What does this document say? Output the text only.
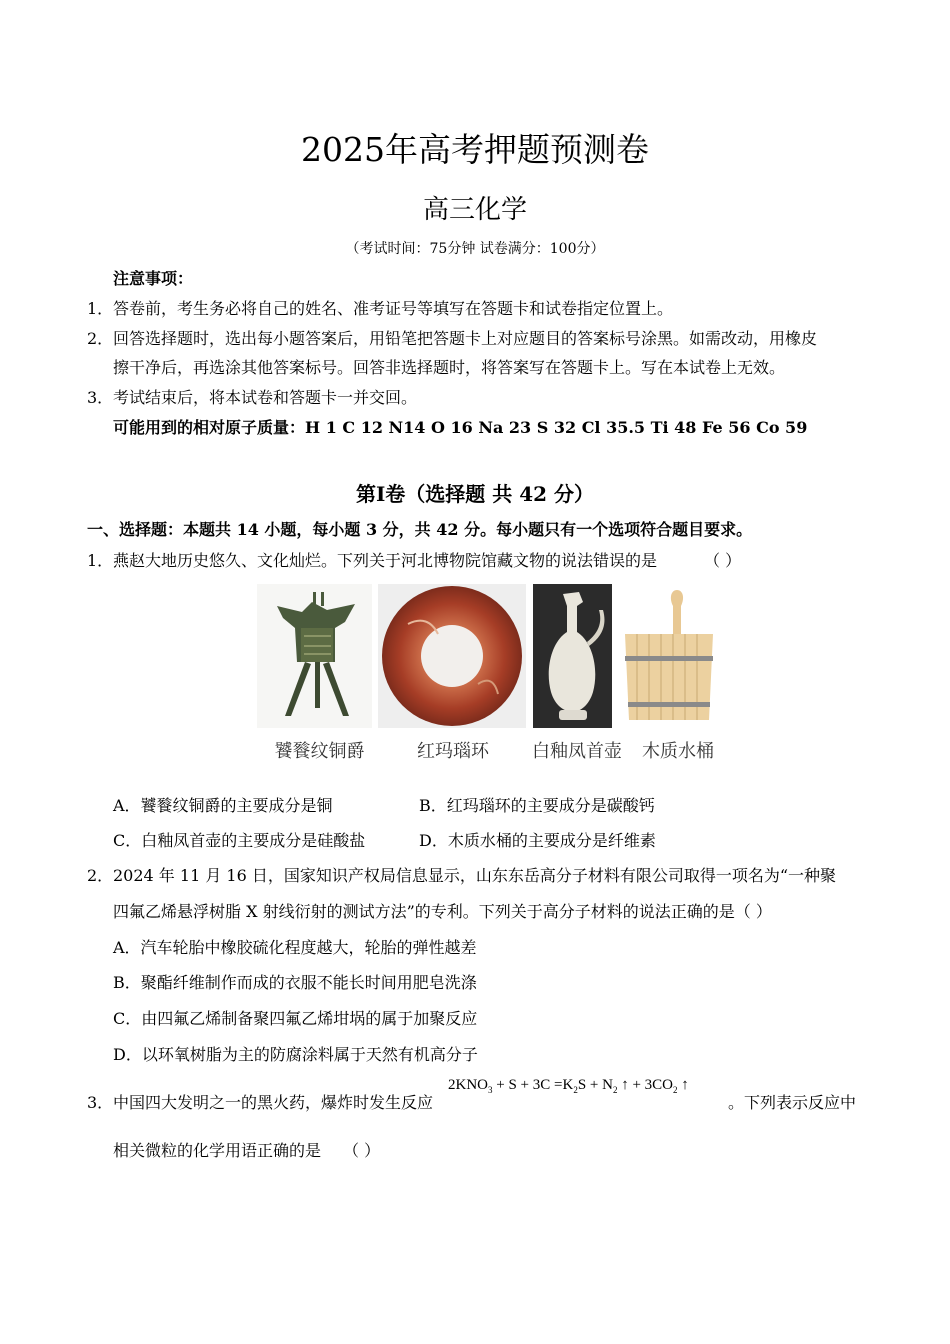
2025年高考押题预测卷
高三化学
（考试时间：75分钟 试卷满分：100分）
注意事项：
1．答卷前，考生务必将自己的姓名、准考证号等填写在答题卡和试卷指定位置上。
2．回答选择题时，选出每小题答案后，用铅笔把答题卡上对应题目的答案标号涂黑。如需改动，用橡皮
擦干净后，再选涂其他答案标号。回答非选择题时，将答案写在答题卡上。写在本试卷上无效。
3．考试结束后，将本试卷和答题卡一并交回。
可能用到的相对原子质量：H 1 C 12 N14 O 16 Na 23 S 32 Cl 35.5 Ti 48 Fe 56 Co 59
第Ⅰ卷（选择题 共 42 分）
一、选择题：本题共 14 小题，每小题 3 分，共 42 分。每小题只有一个选项符合题目要求。
1．燕赵大地历史悠久、文化灿烂。下列关于河北博物院馆藏文物的说法错误的是	（ ）
饕餮纹铜爵	红玛瑙环	白釉凤首壶	木质水桶
A．饕餮纹铜爵的主要成分是铜	B．红玛瑙环的主要成分是碳酸钙
C．白釉凤首壶的主要成分是硅酸盐	D．木质水桶的主要成分是纤维素
2．2024 年 11 月 16 日，国家知识产权局信息显示，山东东岳高分子材料有限公司取得一项名为“一种聚
四氟乙烯悬浮树脂 X 射线衍射的测试方法”的专利。下列关于高分子材料的说法正确的是（ ）
A．汽车轮胎中橡胶硫化程度越大，轮胎的弹性越差
B．聚酯纤维制作而成的衣服不能长时间用肥皂洗涤
C．由四氟乙烯制备聚四氟乙烯坩埚的属于加聚反应
D．以环氧树脂为主的防腐涂料属于天然有机高分子
3．中国四大发明之一的黑火药，爆炸时发生反应
$2KNO_3 + S + 3C =K_2S + N_2$ ↑ + $3CO_2$ ↑
。下列表示反应中
相关微粒的化学用语正确的是 （ ）
